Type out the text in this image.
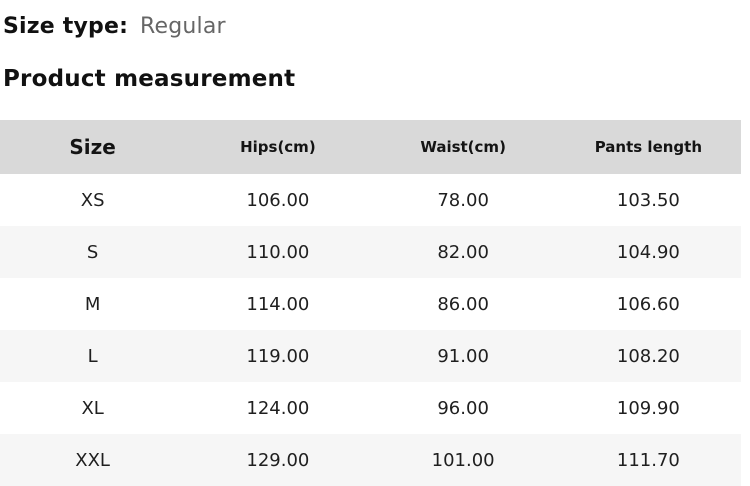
Size type: Regular
Product measurement
Size	Hips(cm)	Waist(cm)	Pants length
XS	106.00	78.00	103.50
S	110.00	82.00	104.90
M	114.00	86.00	106.60
L	119.00	91.00	108.20
XL	124.00	96.00	109.90
XXL	129.00	101.00	111.70
